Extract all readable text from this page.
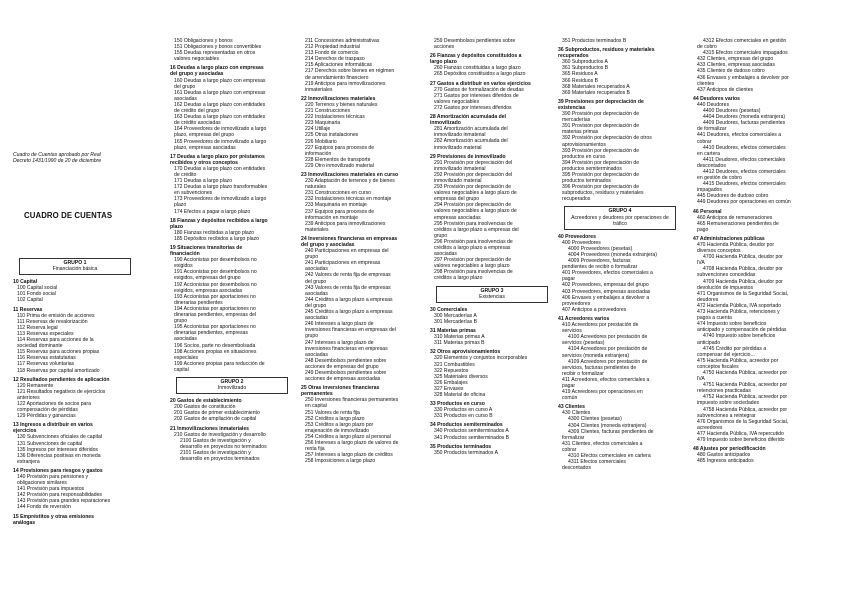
Cuadro de Cuentas aprobado por Real
Decreto 1431/1990 de 20 de diciembre
CUADRO DE CUENTAS
GRUPO 1
Financiación básica
10 Capital
100 Capital social
101 Fondo social
102 Capital
11 Reservas
110 Prima de emisión de acciones
111 Reservas de revalorización
112 Reserva legal
113 Reservas especiales
114 Reservas para acciones de la
sociedad dominante
115 Reservas para acciones propias
116 Reservas estatutarias
117 Reservas voluntarias
118 Reservas por capital amortizado
12 Resultados pendientes de aplicación
120 Remanente
121 Resultados negativos de ejercicios
anteriores
122 Aportaciones de socios para
compensación de pérdidas
129 Pérdidas y ganancias
13 Ingresos a distribuir en varios
ejercicios
130 Subvenciones oficiales de capital
131 Subvenciones de capital
135 Ingresos por intereses diferidos
136 Diferencias positivas en moneda
extranjera
14 Provisiones para riesgos y gastos
140 Provisión para pensiones y
obligaciones similares
141 Provisión para impuestos
142 Provisión para responsabilidades
143 Provisión para grandes reparaciones
144 Fondo de reversión
15 Empréstitos y otras emisiones
análogas
150 Obligaciones y bonos
151 Obligaciones y bonos convertibles
155 Deudas representadas en otros
valores negociables
16 Deudas a largo plazo con empresas
del grupo y asociadas
160 Deudas a largo plazo con empresas
del grupo
161 Deudas a largo plazo con empresas
asociadas
162 Deudas a largo plazo con entidades
de crédito del grupo
163 Deudas a largo plazo con entidades
de crédito asociadas
164 Proveedores de inmovilizado a largo
plazo, empresas del grupo
165 Proveedores de inmovilizado a largo
plazo, empresas asociadas
17 Deudas a largo plazo por préstamos
recibidos y otros conceptos
170 Deudas a largo plazo con entidades
de crédito
171 Deudas a largo plazo
172 Deudas a largo plazo transformables
en subvenciones
173 Proveedores de inmovilizado a largo
plazo
174 Efectos a pagar a largo plazo
18 Fianzas y depósitos recibidos a largo
plazo
180 Fianzas recibidas a largo plazo
185 Depósitos recibidos a largo plazo
19 Situaciones transitorias de
financiación
190 Accionistas por desembolsos no
exigidos
191 Accionistas por desembolsos no
exigidos, empresas del grupo
192 Accionistas por desembolsos no
exigidos, empresas asociadas
193 Accionistas por aportaciones no
dinerarias pendientes
194 Accionistas por aportaciones no
dinerarias pendientes, empresas del
grupo
195 Accionistas por aportaciones no
dinerarias pendientes, empresas
asociadas
196 Socios, parte no desembolsada
198 Acciones propias en situaciones
especiales
199 Acciones propias para reducción de
capital
GRUPO 2
Inmovilizado
20 Gastos de establecimiento
200 Gastos de constitución
201 Gastos de primer establecimiento
202 Gastos de ampliación de capital
21 Inmovilizaciones inmateriales
210 Gastos de investigación y desarrollo
2100 Gastos de investigación y
desarrollo en proyectos no terminados
2101 Gastos de investigación y
desarrollo en proyectos terminados
211 Concesiones administrativas
212 Propiedad industrial
213 Fondo de comercio
214 Derechos de traspaso
215 Aplicaciones informáticas
217 Derechos sobre bienes en régimen
de arrendamiento financiero
219 Anticipos para inmovilizaciones
inmateriales
22 Inmovilizaciones materiales
220 Terrenos y bienes naturales
221 Construcciones
222 Instalaciones técnicas
223 Maquinaria
224 Utillaje
225 Otras instalaciones
226 Mobiliario
227 Equipos para procesos de
información
228 Elementos de transporte
229 Otro inmovilizado material
23 Inmovilizaciones materiales en curso
230 Adaptación de terrenos y de bienes
naturales
231 Construcciones en curso
232 Instalaciones técnicas en montaje
233 Maquinaria en montaje
237 Equipos para procesos de
información en montaje
239 Anticipos para inmovilizaciones
materiales
24 Inversiones financieras en empresas
del grupo y asociadas
240 Participaciones en empresas del
grupo
241 Participaciones en empresas
asociadas
242 Valores de renta fija de empresas
del grupo
243 Valores de renta fija de empresas
asociadas
244 Créditos a largo plazo a empresas
del grupo
245 Créditos a largo plazo a empresas
asociadas
246 Intereses a largo plazo de
inversiones financieras en empresas del
grupo
247 Intereses a largo plazo de
inversiones financieras en empresas
asociadas
248 Desembolsos pendientes sobre
acciones de empresas del grupo
249 Desembolsos pendientes sobre
acciones de empresas asociadas
25 Otras inversiones financieras
permanentes
250 Inversiones financieras permanentes
en capital
251 Valores de renta fija
252 Créditos a largo plazo
253 Créditos a largo plazo por
enajenación de inmovilizado
254 Créditos a largo plazo al personal
256 Intereses a largo plazo de valores de
renta fija
257 Intereses a largo plazo de créditos
258 Imposiciones a largo plazo
259 Desembolsos pendientes sobre
acciones
26 Fianzas y depósitos constituidos a
largo plazo
260 Fianzas constituidas a largo plazo
265 Depósitos constituidos a largo plazo
27 Gastos a distribuir en varios ejercicios
270 Gastos de formalización de deudas
271 Gastos por intereses diferidos de
valores negociables
272 Gastos por intereses diferidos
28 Amortización acumulada del
inmovilizado
281 Amortización acumulada del
inmovilizado inmaterial
282 Amortización acumulada del
inmovilizado material
29 Provisiones de inmovilizado
291 Provisión por depreciación del
inmovilizado inmaterial
292 Provisión por depreciación del
inmovilizado material
293 Provisión por depreciación de
valores negociables a largo plazo de
empresas del grupo
294 Provisión por depreciación de
valores negociables a largo plazo de
empresas asociadas
295 Provisión para insolvencias de
créditos a largo plazo a empresas del
grupo
296 Provisión para insolvencias de
créditos a largo plazo a empresas
asociadas
297 Provisión por depreciación de
valores negociables a largo plazo
298 Provisión para insolvencias de
créditos a largo plazo
GRUPO 3
Existencias
30 Comerciales
300 Mercaderías A
301 Mercaderías B
31 Materias primas
310 Materias primas A
311 Materias primas B
32 Otros aprovisionamientos
320 Elementos y conjuntos incorporables
321 Combustibles
322 Repuestos
325 Materiales diversos
326 Embalajes
327 Envases
328 Material de oficina
33 Productos en curso
330 Productos en curso A
331 Productos en curso B
34 Productos semiterminados
340 Productos semiterminados A
341 Productos semiterminados B
35 Productos terminados
350 Productos terminados A
351 Productos terminados B
36 Subproductos, residuos y materiales
recuperados
360 Subproductos A
361 Subproductos B
365 Residuos A
366 Residuos B
368 Materiales recuperados A
369 Materiales recuperados B
39 Provisiones por depreciación de
existencias
390 Provisión por depreciación de
mercaderías
391 Provisión por depreciación de
materias primas
392 Provisión por depreciación de otros
aprovisionamientos
393 Provisión por depreciación de
productos en curso
394 Provisión por depreciación de
productos semiterminados
395 Provisión por depreciación de
productos terminados
396 Provisión por depreciación de
subproductos, residuos y materiales
recuperados
GRUPO 4
Acreedores y deudores por operaciones de tráfico
40 Proveedores
400 Proveedores
4000 Proveedores (pesetas)
4004 Proveedores (moneda extranjera)
4009 Proveedores, facturas
pendientes de recibir o formalizar
401 Proveedores, efectos comerciales a
pagar
402 Proveedores, empresas del grupo
403 Proveedores, empresas asociadas
406 Envases y embalajes a devolver a
proveedores
407 Anticipos a proveedores
41 Acreedores varios
410 Acreedores por prestación de
servicios
4100 Acreedores por prestación de
servicios (pesetas)
4104 Acreedores por prestación de
servicios (moneda extranjera)
4109 Acreedores por prestación de
servicios, facturas pendientes de
recibir o formalizar
411 Acreedores, efectos comerciales a
pagar
419 Acreedores por operaciones en
común
43 Clientes
430 Clientes
4300 Clientes (pesetas)
4304 Clientes (moneda extranjera)
4309 Clientes, facturas pendientes de
formalizar
431 Clientes, efectos comerciales a
cobrar
4310 Efectos comerciales en cartera
4311 Efectos comerciales
descontados
4312 Efectos comerciales en gestión
de cobro
4315 Efectos comerciales impagados
432 Clientes, empresas del grupo
433 Clientes, empresas asociadas
435 Clientes de dudoso cobro
436 Envases y embalajes a devolver por
clientes
437 Anticipos de clientes
44 Deudores varios
440 Deudores
4400 Deudores (pesetas)
4404 Deudores (moneda extranjera)
4409 Deudores, facturas pendientes
de formalizar
441 Deudores, efectos comerciales a
cobrar
4410 Deudores, efectos comerciales
en cartera
4411 Deudores, efectos comerciales
descontados
4412 Deudores, efectos comerciales
en gestión de cobro
4415 Deudores, efectos comerciales
impagados
445 Deudores de dudoso cobro
449 Deudores por operaciones en común
46 Personal
460 Anticipos de remuneraciones
465 Remuneraciones pendientes de
pago
47 Administraciones públicas
470 Hacienda Pública, deudor por
diversos conceptos
4700 Hacienda Pública, deudor por
IVA
4708 Hacienda Pública, deudor por
subvenciones concedidas
4709 Hacienda Pública, deudor por
devolución de impuestos
471 Organismos de la Seguridad Social,
deudores
472 Hacienda Pública, IVA soportado
473 Hacienda Pública, retenciones y
pagos a cuenta
474 Impuesto sobre beneficios
anticipado y compensación de pérdidas
4740 Impuesto sobre beneficios
anticipado
4745 Crédito por pérdidas a
compensar del ejercicio...
475 Hacienda Pública, acreedor por
conceptos fiscales
4750 Hacienda Pública, acreedor por
IVA
4751 Hacienda Pública, acreedor por
retenciones practicadas
4752 Hacienda Pública, acreedor por
impuesto sobre sociedades
4758 Hacienda Pública, acreedor por
subvenciones a reintegrar
476 Organismos de la Seguridad Social,
acreedores
477 Hacienda Pública, IVA repercutido
479 Impuesto sobre beneficios diferido
48 Ajustes por periodificación
480 Gastos anticipados
485 Ingresos anticipados
